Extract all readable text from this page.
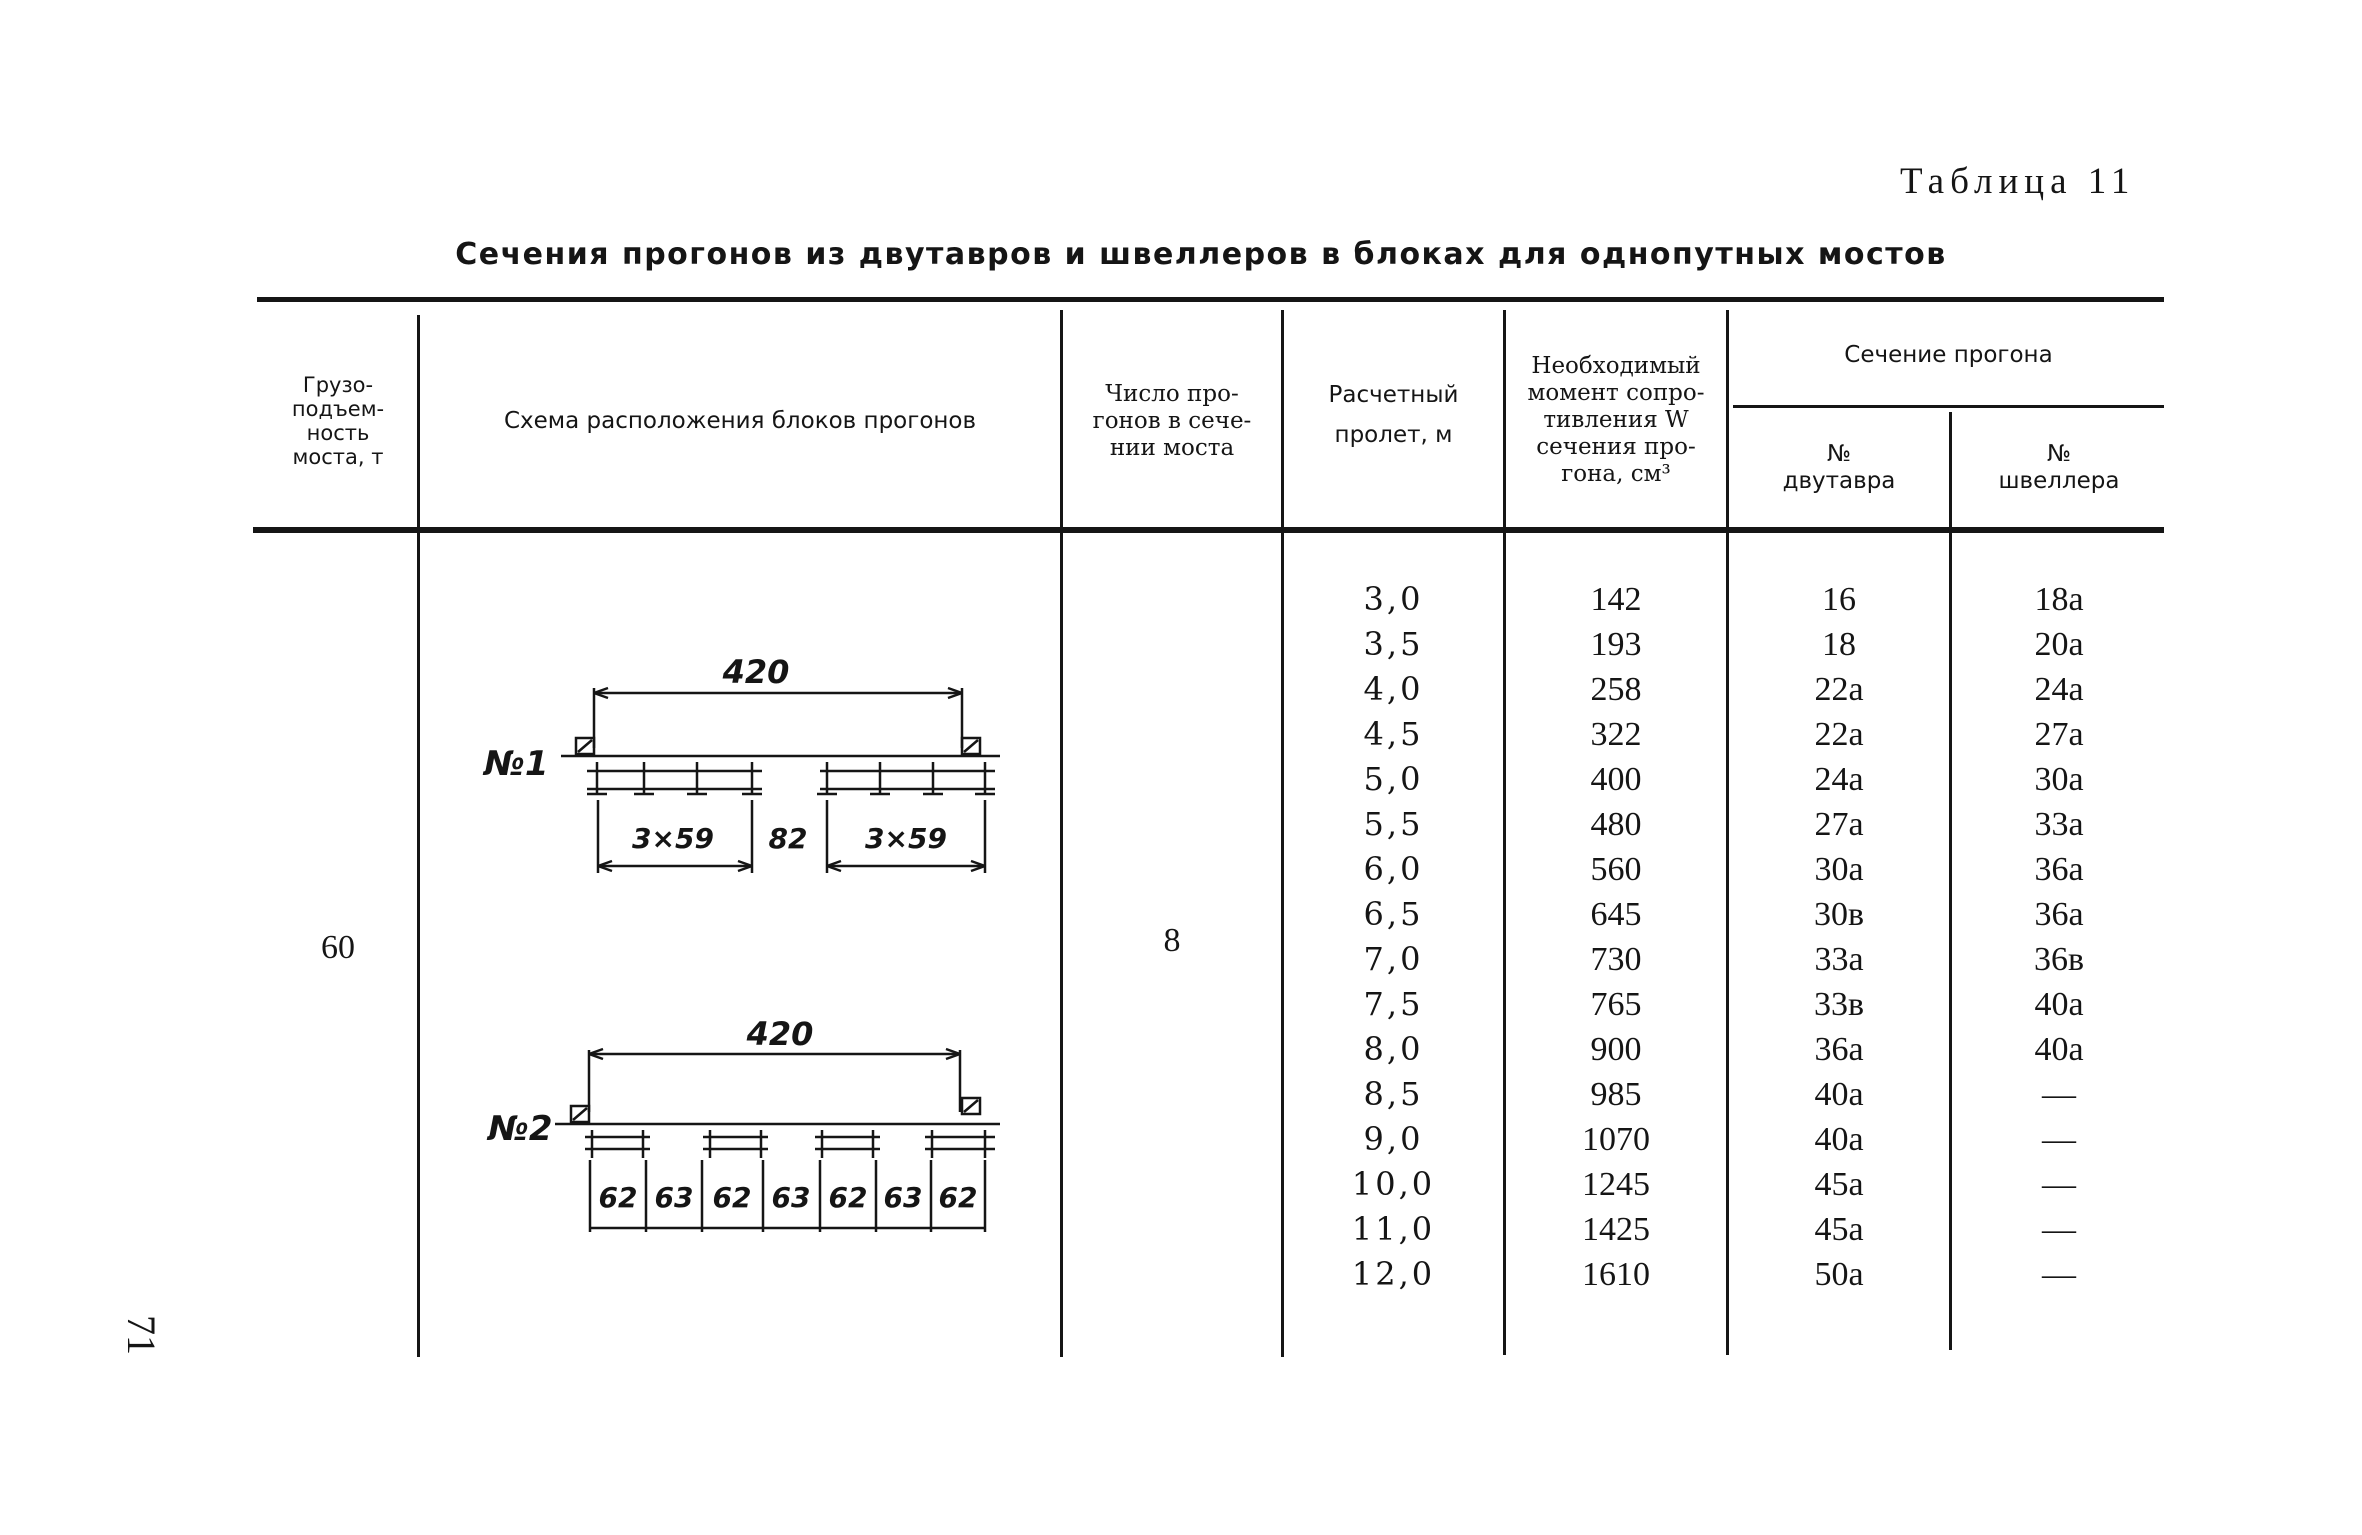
Таблица 11
Сечения прогонов из двутавров и швеллеров в блоках для однопутных мостов
Грузо-
подъем-
ность
моста, т
Схема расположения блоков прогонов
Число про-
гонов в сече-
нии моста
Расчетный
пролет, м
Необходимый
момент сопро-
тивления W
сечения про-
гона, см³
Сечение прогона
№
двутавра
№
швеллера
60	8
3,0
3,5
4,0
4,5
5,0
5,5
6,0
6,5
7,0
7,5
8,0
8,5
9,0
10,0
11,0
12,0
142
193
258
322
400
480
560
645
730
765
900
985
1070
1245
1425
1610
16
18
22а
22а
24а
27а
30а
30в
33а
33в
36а
40а
40а
45а
45а
50а
18а
20а
24а
27а
30а
33а
36а
36а
36в
40а
40а
—
—
—
—
—
№1
420
3×59 82 3×59
№2
420
62 63 62 63 62 63 62
71
